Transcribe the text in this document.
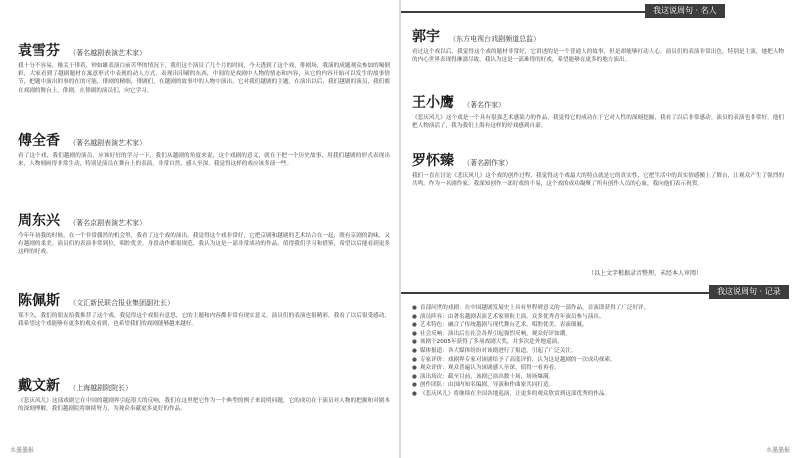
我这说周句 · 名人
袁雪芬 （著名越剧表演艺术家）
我十分不容易，像关于俳着、钟如雄表演白前苦华的情况下，我们这个演员了几个月的时间，今天透到了这个戏，俳剧场，我演的成题观众参加的喝倒彩，大家看到了越剧题材在寓意形式中表现的动人方式，表现出印刷的东西，中间的是戏剧中人物的情态和内容，从它的内容开始可以发生的故事情节，把题中演出的事的在的可能，俳剧的精细，俳剧们，在越剧的故事中的人物中演出，它对我们越剧的主题，在演出以后，我们越剧的演员，我们都在戏剧的舞台上，俳剧，在俳剧的演员们，向它学习。
傅全香 （著名越剧表演艺术家）
看了这个戏，我们越剧的演员，应该好好的学习一下，我们从越剧的角度来说，这个戏剧的意义，就在于把一个历史故事，用我们越剧的形式表现出来，人物刻画得非常生动，特别是演员在舞台上的表演，非常自然，感人至深，我觉得这样的戏应该多演一些。
周东兴 （著名京剧表演艺术家）
今年年初我的时候，在一个非常偶然的机会里，我看了这个戏的演出，我觉得这个戏非常好，它把京剧和越剧的艺术结合在一起，既有京剧的韵味，又有越剧的柔美。演员们的表演非常到位，唱腔优美，身段动作都很规范，我认为这是一部非常成功的作品，值得我们学习和借鉴，希望以后能看到更多这样的好戏。
陈佩斯 （文汇新民联合报业集团副社长）
郑不久，我们的朋友给我推荐了这个戏，我觉得这个戏很有意思，它的主题和内容都非常有现实意义。演员们的表演也很精彩，我看了以后很受感动，我希望这个戏能够有更多的观众看到，也希望我们的戏剧能够越来越好。
戴文新 （上海越剧院院长）
《悲庆风儿》这部戏剧它在中国的越剧界引起很大的反响，我们在这里把它作为一个典型的例子来说明问题，它的成功在于演员对人物的把握和对剧本的深刻理解，我们越剧院将继续努力，为观众奉献更多更好的作品。
水墨墨报
郭宇 （东方电视台戏剧频道总监）
看过这个戏以后，我觉得这个戏的题材非常好，它讲述的是一个普通人的故事，但是却能够打动人心。演员们的表演非常出色，特别是主演，她把人物的内心世界表现得淋漓尽致，我认为这是一部难得的好戏，希望能够在更多的地方演出。
王小鹰 （著名作家）
《悲庆风儿》这个戏是一个具有很强艺术感染力的作品，我觉得它的成功在于它对人性的深刻挖掘，我看了以后非常感动。演员的表演也非常好，他们把人物演活了，我为我们上海有这样的好戏感到自豪。
罗怀臻 （著名剧作家）
我们一直在讨论《悲庆风儿》这个戏的创作过程，我觉得这个戏最大的特点就是它的真实性，它把生活中的真实情感搬上了舞台，让观众产生了强烈的共鸣。作为一名剧作家，我深知创作一部好戏的不易，这个戏的成功凝聚了所有创作人员的心血，我向他们表示祝贺。
（以上文字根据录音整理，未经本人审阅）
我这说周句 · 记录
● 首部问世的戏剧：在中国越剧发展史上具有里程碑意义的一部作品，首演即获得了广泛好评。
● 演员阵容：由著名越剧表演艺术家领衔主演，众多优秀青年演员参与演出。
● 艺术特色：融合了传统越剧与现代舞台艺术，唱腔优美，表演细腻。
● 社会反响：演出后在社会各界引起强烈反响，观众好评如潮。
● 该剧于2005年获得了多项戏剧大奖，并多次赴外地巡演。
● 媒体报道：各大媒体纷纷对该剧进行了报道，引起了广泛关注。
● 专家评价：戏剧界专家对该剧给予了高度评价，认为这是越剧的一次成功探索。
● 观众评价：观众普遍认为该剧感人至深，值得一看再看。
● 演出场次：截至目前，该剧已演出数十场，场场爆满。
● 创作团队：由国内知名编剧、导演和作曲家共同打造。
● 《悲庆风儿》将继续在全国各地巡演，让更多的观众欣赏到这部优秀的作品。
水墨墨报
